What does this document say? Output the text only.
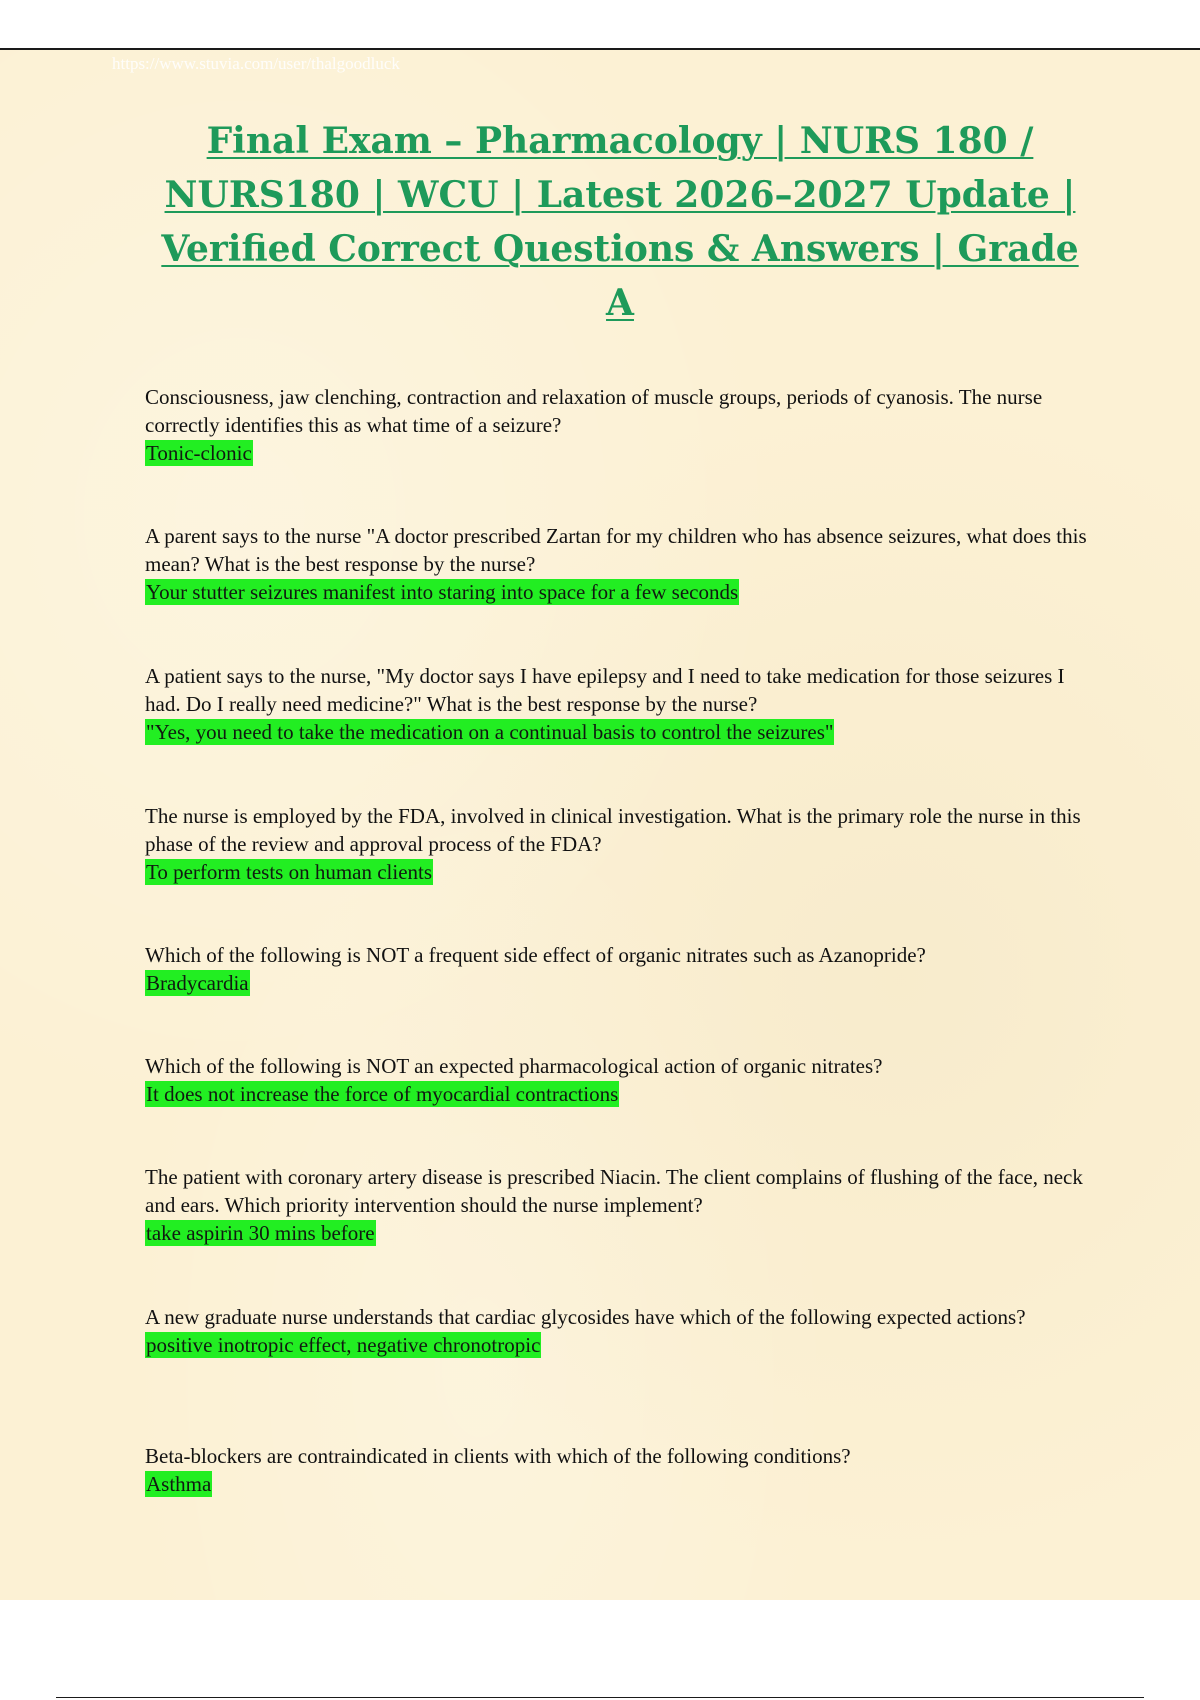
https://www.stuvia.com/user/thalgoodluck
Final Exam – Pharmacology | NURS 180 / NURS180 | WCU | Latest 2026–2027 Update | Verified Correct Questions & Answers | Grade A
Consciousness, jaw clenching, contraction and relaxation of muscle groups, periods of cyanosis. The nurse correctly identifies this as what time of a seizure?
Tonic-clonic
A parent says to the nurse "A doctor prescribed Zartan for my children who has absence seizures, what does this mean? What is the best response by the nurse?
Your stutter seizures manifest into staring into space for a few seconds
A patient says to the nurse, "My doctor says I have epilepsy and I need to take medication for those seizures I had. Do I really need medicine?" What is the best response by the nurse?
"Yes, you need to take the medication on a continual basis to control the seizures"
The nurse is employed by the FDA, involved in clinical investigation. What is the primary role the nurse in this phase of the review and approval process of the FDA?
To perform tests on human clients
Which of the following is NOT a frequent side effect of organic nitrates such as Azanopride?
Bradycardia
Which of the following is NOT an expected pharmacological action of organic nitrates?
It does not increase the force of myocardial contractions
The patient with coronary artery disease is prescribed Niacin. The client complains of flushing of the face, neck and ears. Which priority intervention should the nurse implement?
take aspirin 30 mins before
A new graduate nurse understands that cardiac glycosides have which of the following expected actions?
positive inotropic effect, negative chronotropic
Beta-blockers are contraindicated in clients with which of the following conditions?
Asthma
